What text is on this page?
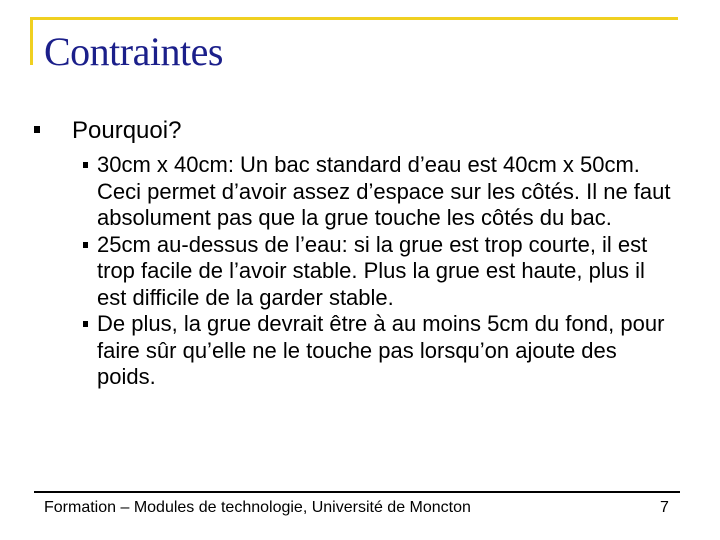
Contraintes
Pourquoi?
30cm x 40cm: Un bac standard d’eau est 40cm x 50cm. Ceci permet d’avoir assez d’espace sur les côtés. Il ne faut absolument pas que la grue touche les côtés du bac.
25cm au-dessus de l’eau: si la grue est trop courte, il est trop facile de l’avoir stable. Plus la grue est haute, plus il est difficile de la garder stable.
De plus, la grue devrait être à au moins 5cm du fond, pour faire sûr qu’elle ne le touche pas lorsqu’on ajoute des poids.
Formation – Modules de technologie, Université de Moncton	7
